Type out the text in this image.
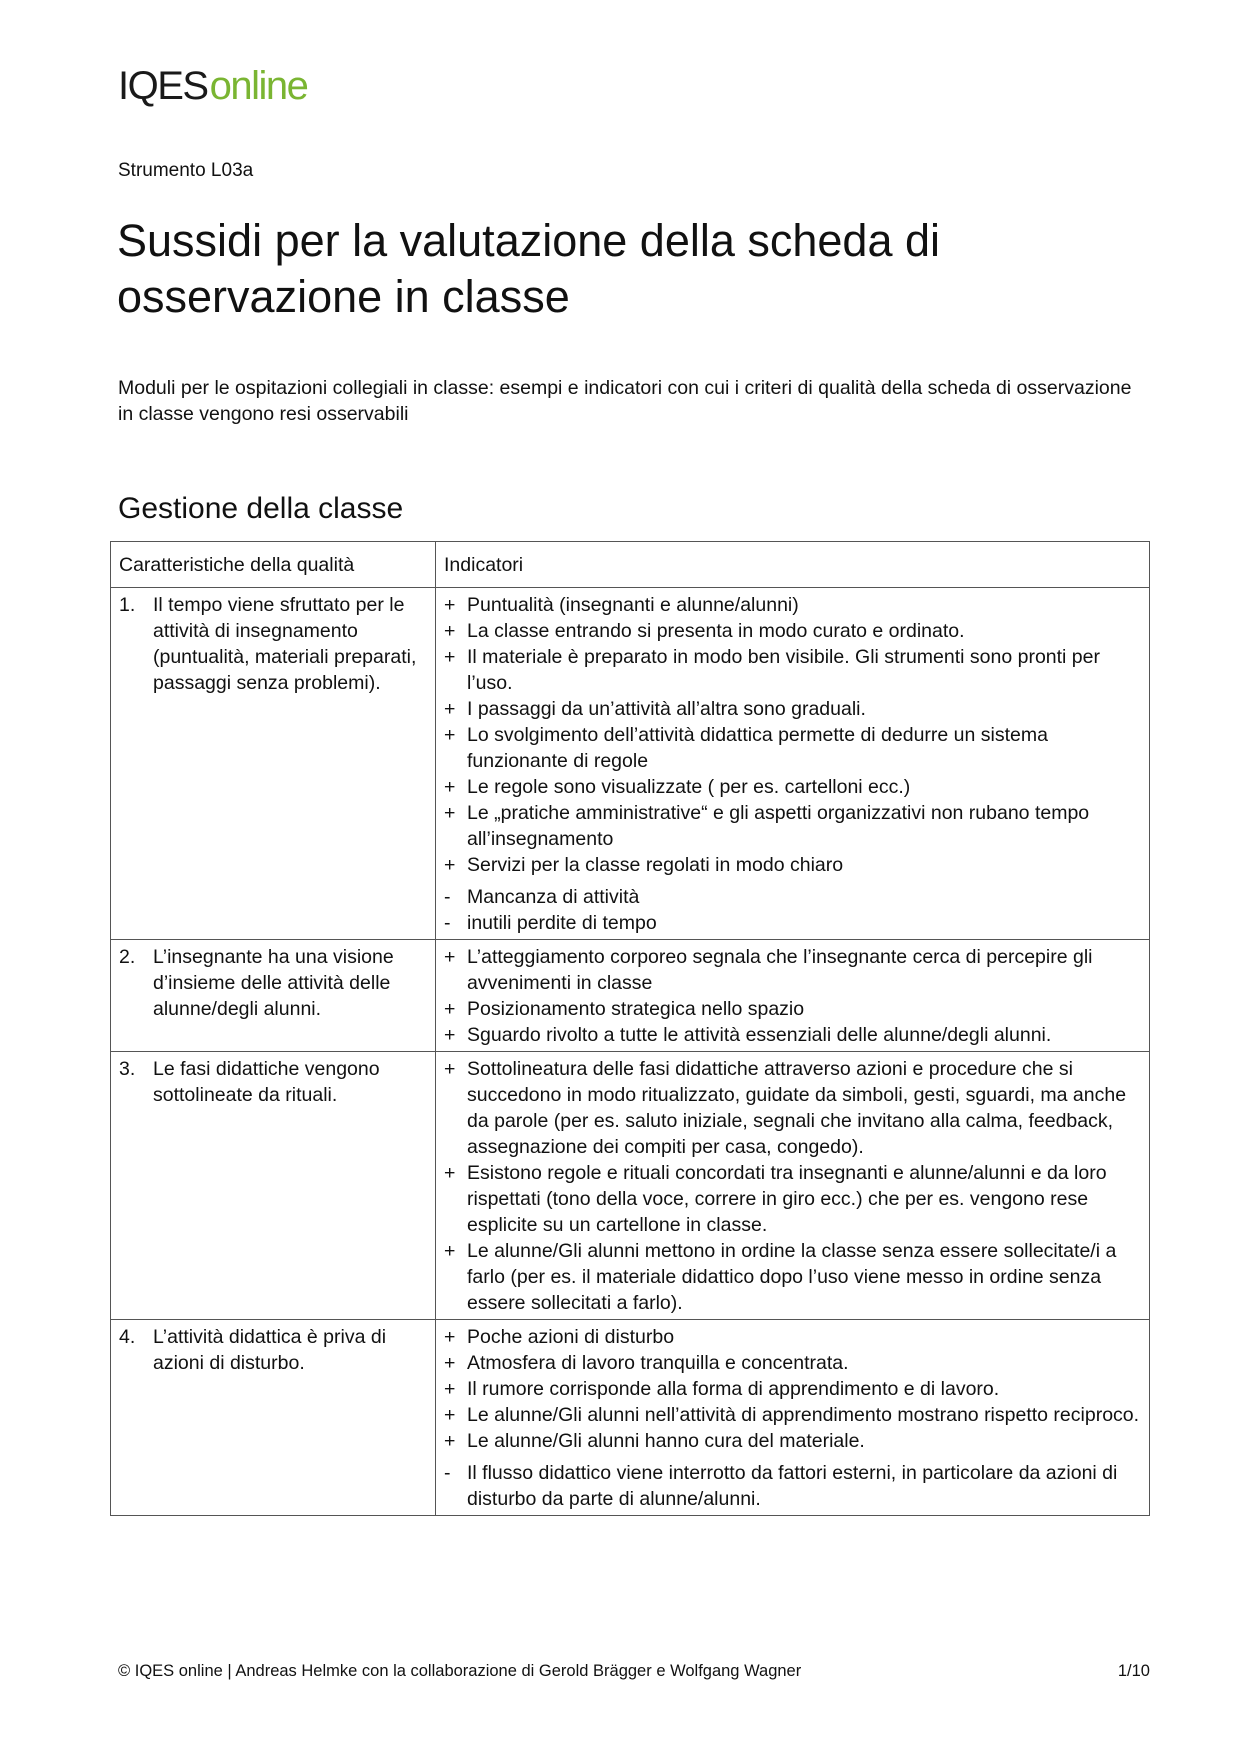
IQESonline
Strumento L03a
Sussidi per la valutazione della scheda di osservazione in classe

Moduli per le ospitazioni collegiali in classe: esempi e indicatori con cui i criteri di qualità della scheda di osservazione in classe vengono resi osservabili

Gestione della classe
Caratteristiche della qualità	Indicatori

1. Il tempo viene sfruttato per le attività di insegnamento (puntualità, materiali preparati, passaggi senza problemi).

+ Puntualità (insegnanti e alunne/alunni)
+ La classe entrando si presenta in modo curato e ordinato.
+ Il materiale è preparato in modo ben visibile. Gli strumenti sono pronti per l’uso.
+ I passaggi da un’attività all’altra sono graduali.
+ Lo svolgimento dell’attività didattica permette di dedurre un sistema funzionante di regole
+ Le regole sono visualizzate ( per es. cartelloni ecc.)
+ Le „pratiche amministrative“ e gli aspetti organizzativi non rubano tempo all’insegnamento
+ Servizi per la classe regolati in modo chiaro
- Mancanza di attività
- inutili perdite di tempo

2. L’insegnante ha una visione d’insieme delle attività delle alunne/degli alunni.

+ L’atteggiamento corporeo segnala che l’insegnante cerca di percepire gli avvenimenti in classe
+ Posizionamento strategica nello spazio
+ Sguardo rivolto a tutte le attività essenziali delle alunne/degli alunni.

3. Le fasi didattiche vengono sottolineate da rituali.

+ Sottolineatura delle fasi didattiche attraverso azioni e procedure che si succedono in modo ritualizzato, guidate da simboli, gesti, sguardi, ma anche da parole (per es. saluto iniziale, segnali che invitano alla calma, feedback, assegnazione dei compiti per casa, congedo).
+ Esistono regole e rituali concordati tra insegnanti e alunne/alunni e da loro rispettati (tono della voce, correre in giro ecc.) che per es. vengono rese esplicite su un cartellone in classe.
+ Le alunne/Gli alunni mettono in ordine la classe senza essere sollecitate/i a farlo (per es. il materiale didattico dopo l’uso viene messo in ordine senza essere sollecitati a farlo).

4. L’attività didattica è priva di azioni di disturbo.

+ Poche azioni di disturbo
+ Atmosfera di lavoro tranquilla e concentrata.
+ Il rumore corrisponde alla forma di apprendimento e di lavoro.
+ Le alunne/Gli alunni nell’attività di apprendimento mostrano rispetto reciproco.
+ Le alunne/Gli alunni hanno cura del materiale.
- Il flusso didattico viene interrotto da fattori esterni, in particolare da azioni di disturbo da parte di alunne/alunni.
© IQES online | Andreas Helmke con la collaborazione di Gerold Brägger e Wolfgang Wagner	1/10
